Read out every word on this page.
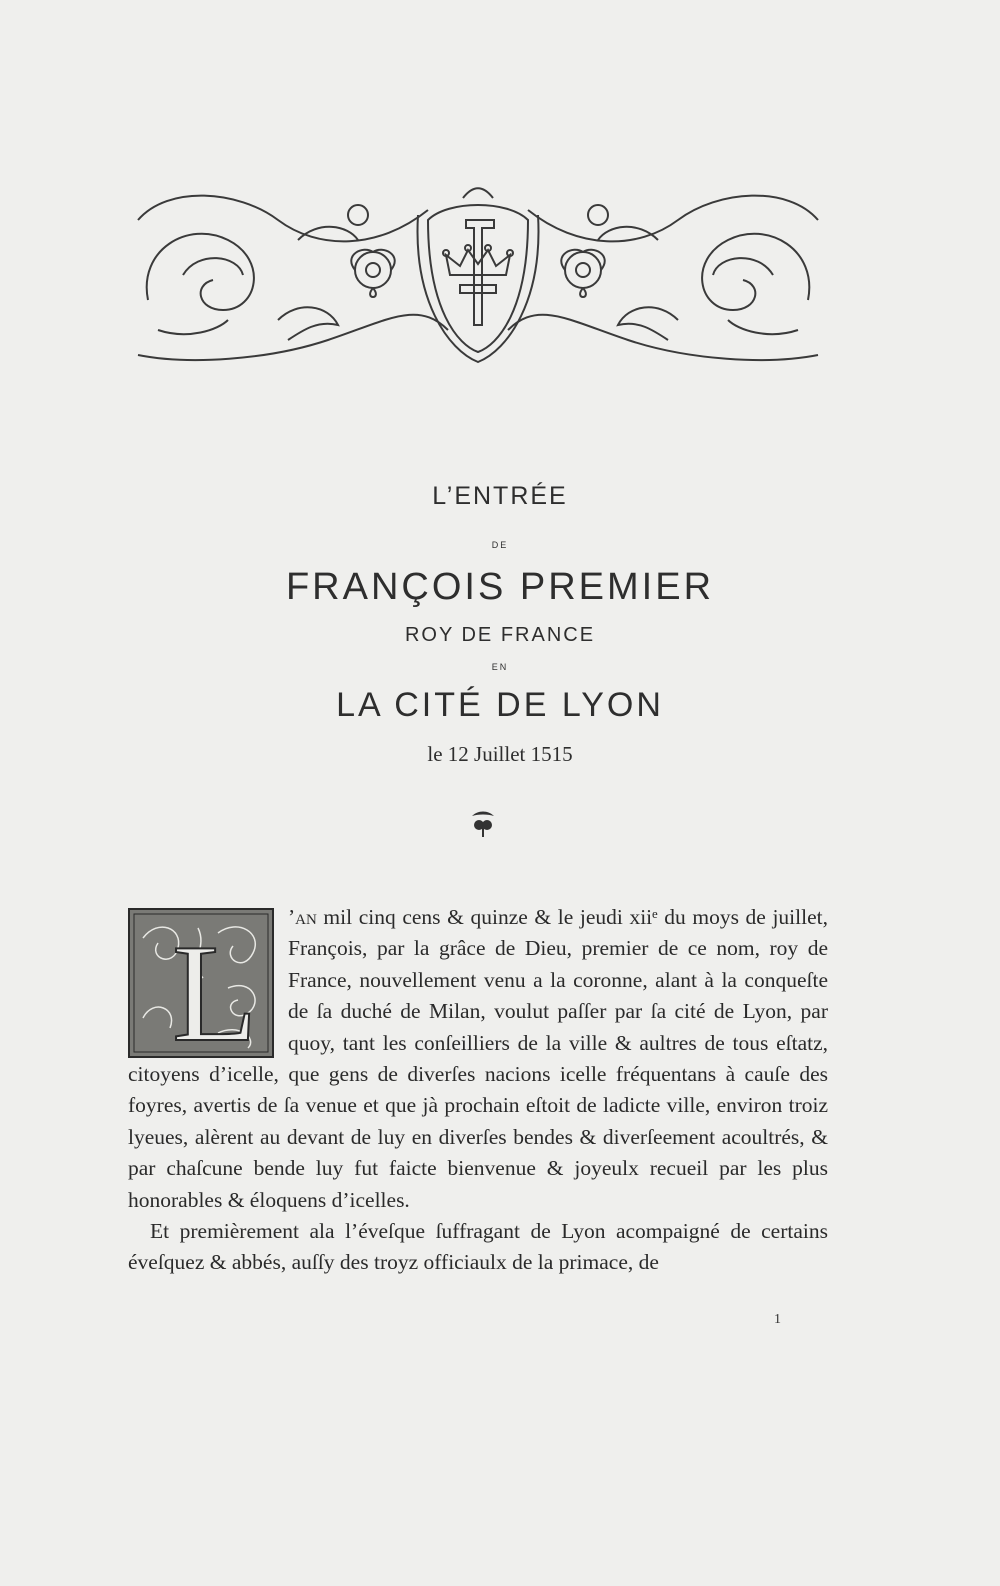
L’ENTRÉE
DE
FRANÇOIS PREMIER
ROY DE FRANCE
EN
LA CITÉ DE LYON
le 12 Juillet 1515

L ’an mil cinq cens & quinze & le jeudi xiiᵉ du moys de juillet, François, par la grâce de Dieu, premier de ce nom, roy de France, nouvellement venu a la coronne, alant à la conqueſte de ſa duché de Milan, voulut paſſer par ſa cité de Lyon, par quoy, tant les conſeilliers de la ville & aultres de tous eſtatz, citoyens d’icelle, que gens de diverſes nacions icelle fréquentans à cauſe des foyres, avertis de ſa venue et que jà prochain eſtoit de ladicte ville, environ troiz lyeues, alèrent au devant de luy en diverſes bendes & diverſeement acoultrés, & par chaſcune bende luy fut faicte bienvenue & joyeulx recueil par les plus honorables & éloquens d’icelles.

Et premièrement ala l’éveſque ſuffragant de Lyon acompaigné de certains éveſquez & abbés, auſſy des troyz officiaulx de la primace, de

1
